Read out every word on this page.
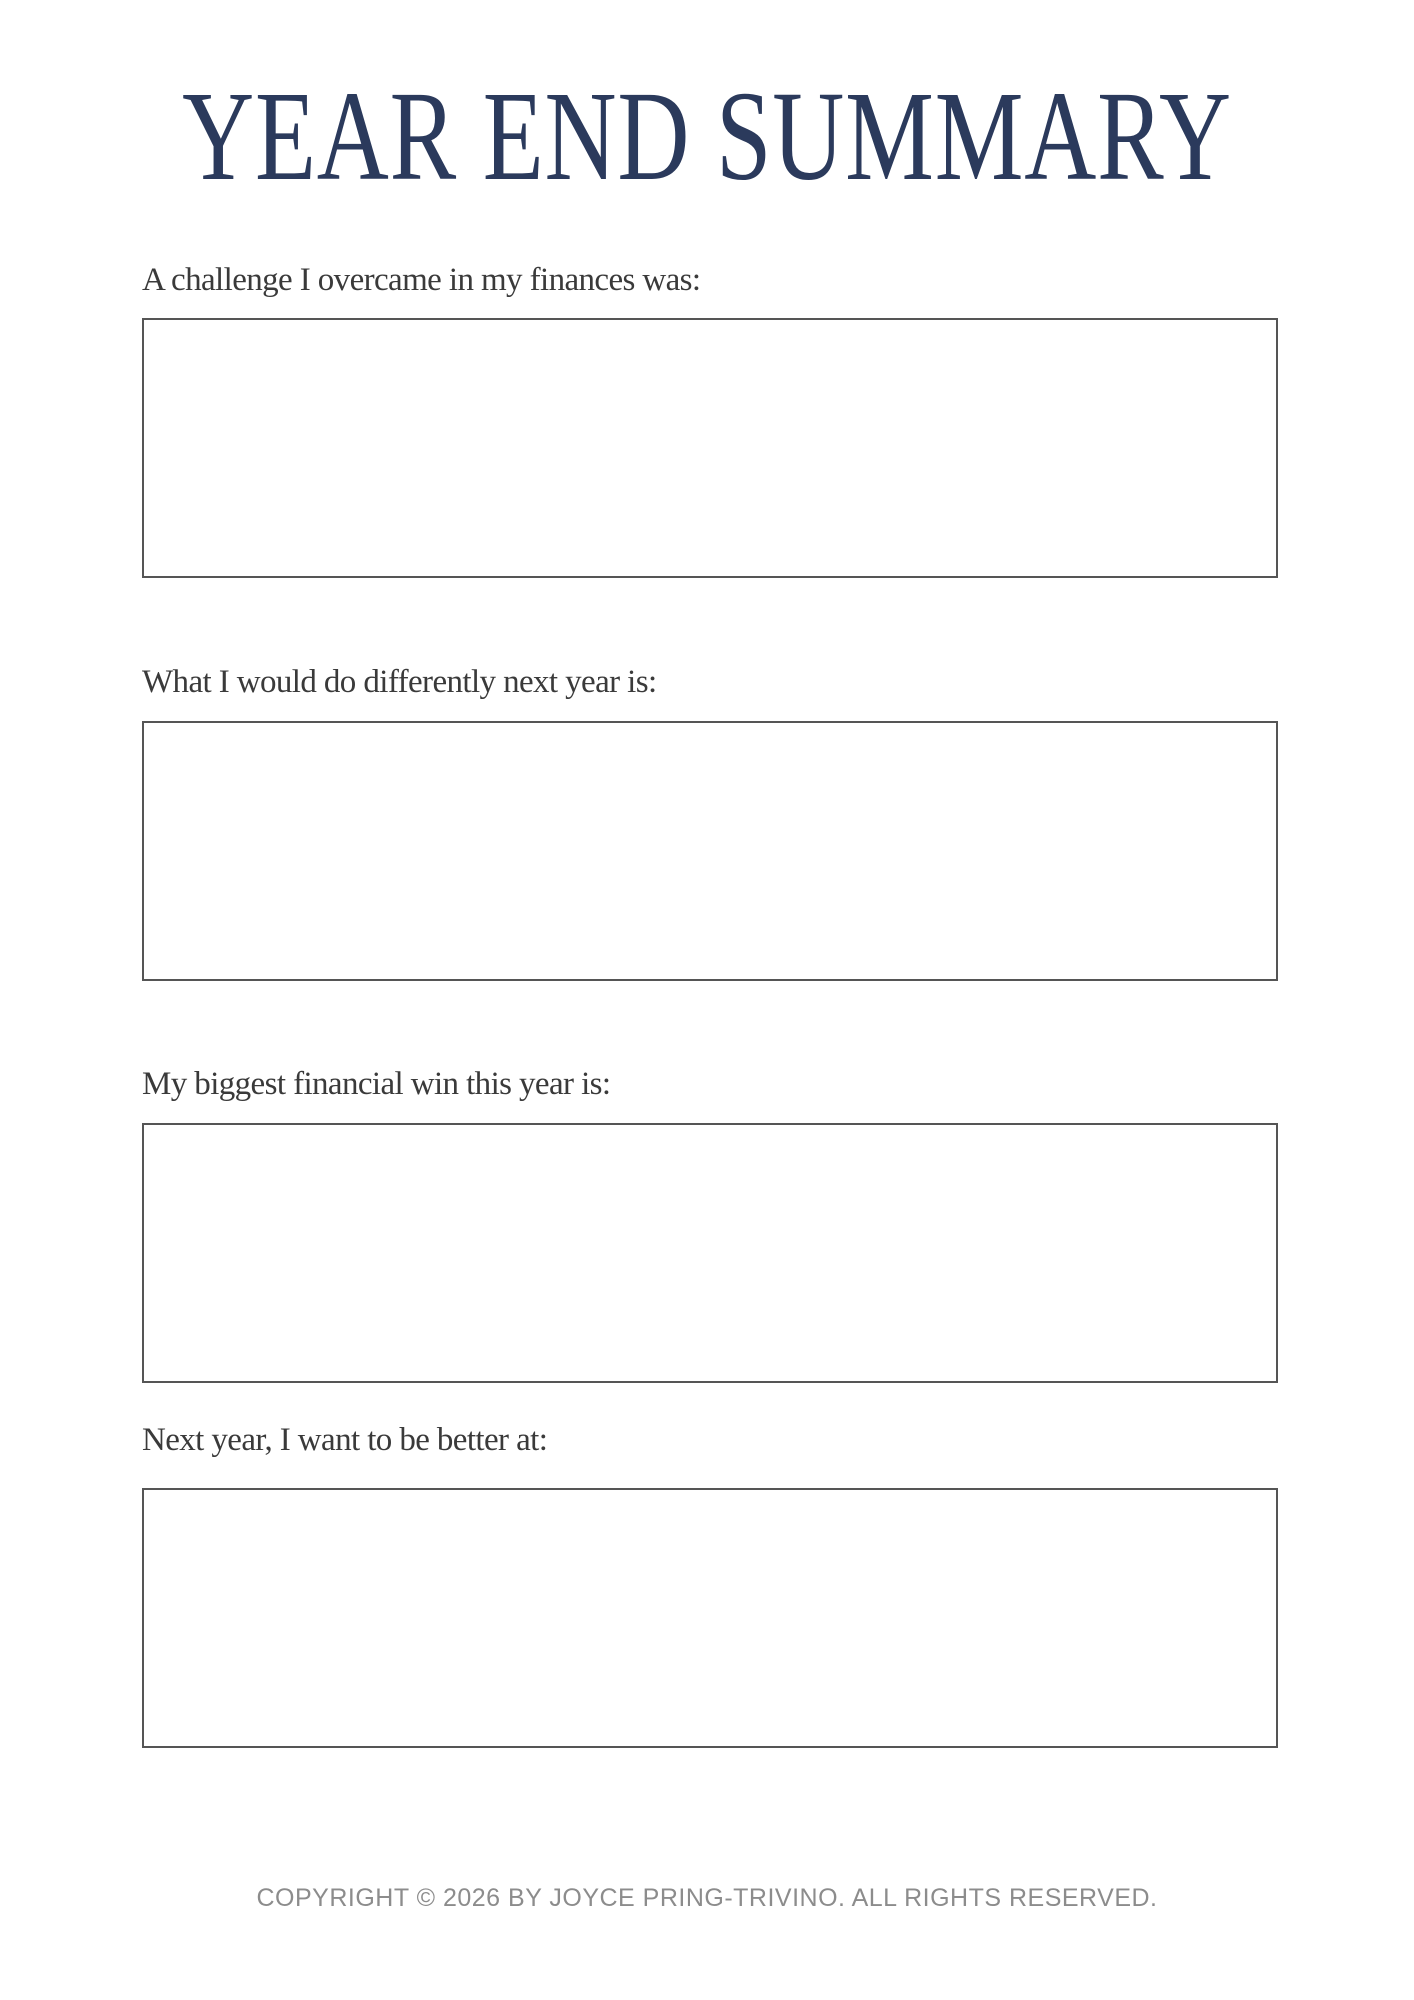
YEAR END SUMMARY
A challenge I overcame in my finances was:
What I would do differently next year is:
My biggest financial win this year is:
Next year, I want to be better at:
COPYRIGHT © 2026 BY JOYCE PRING-TRIVINO. ALL RIGHTS RESERVED.
